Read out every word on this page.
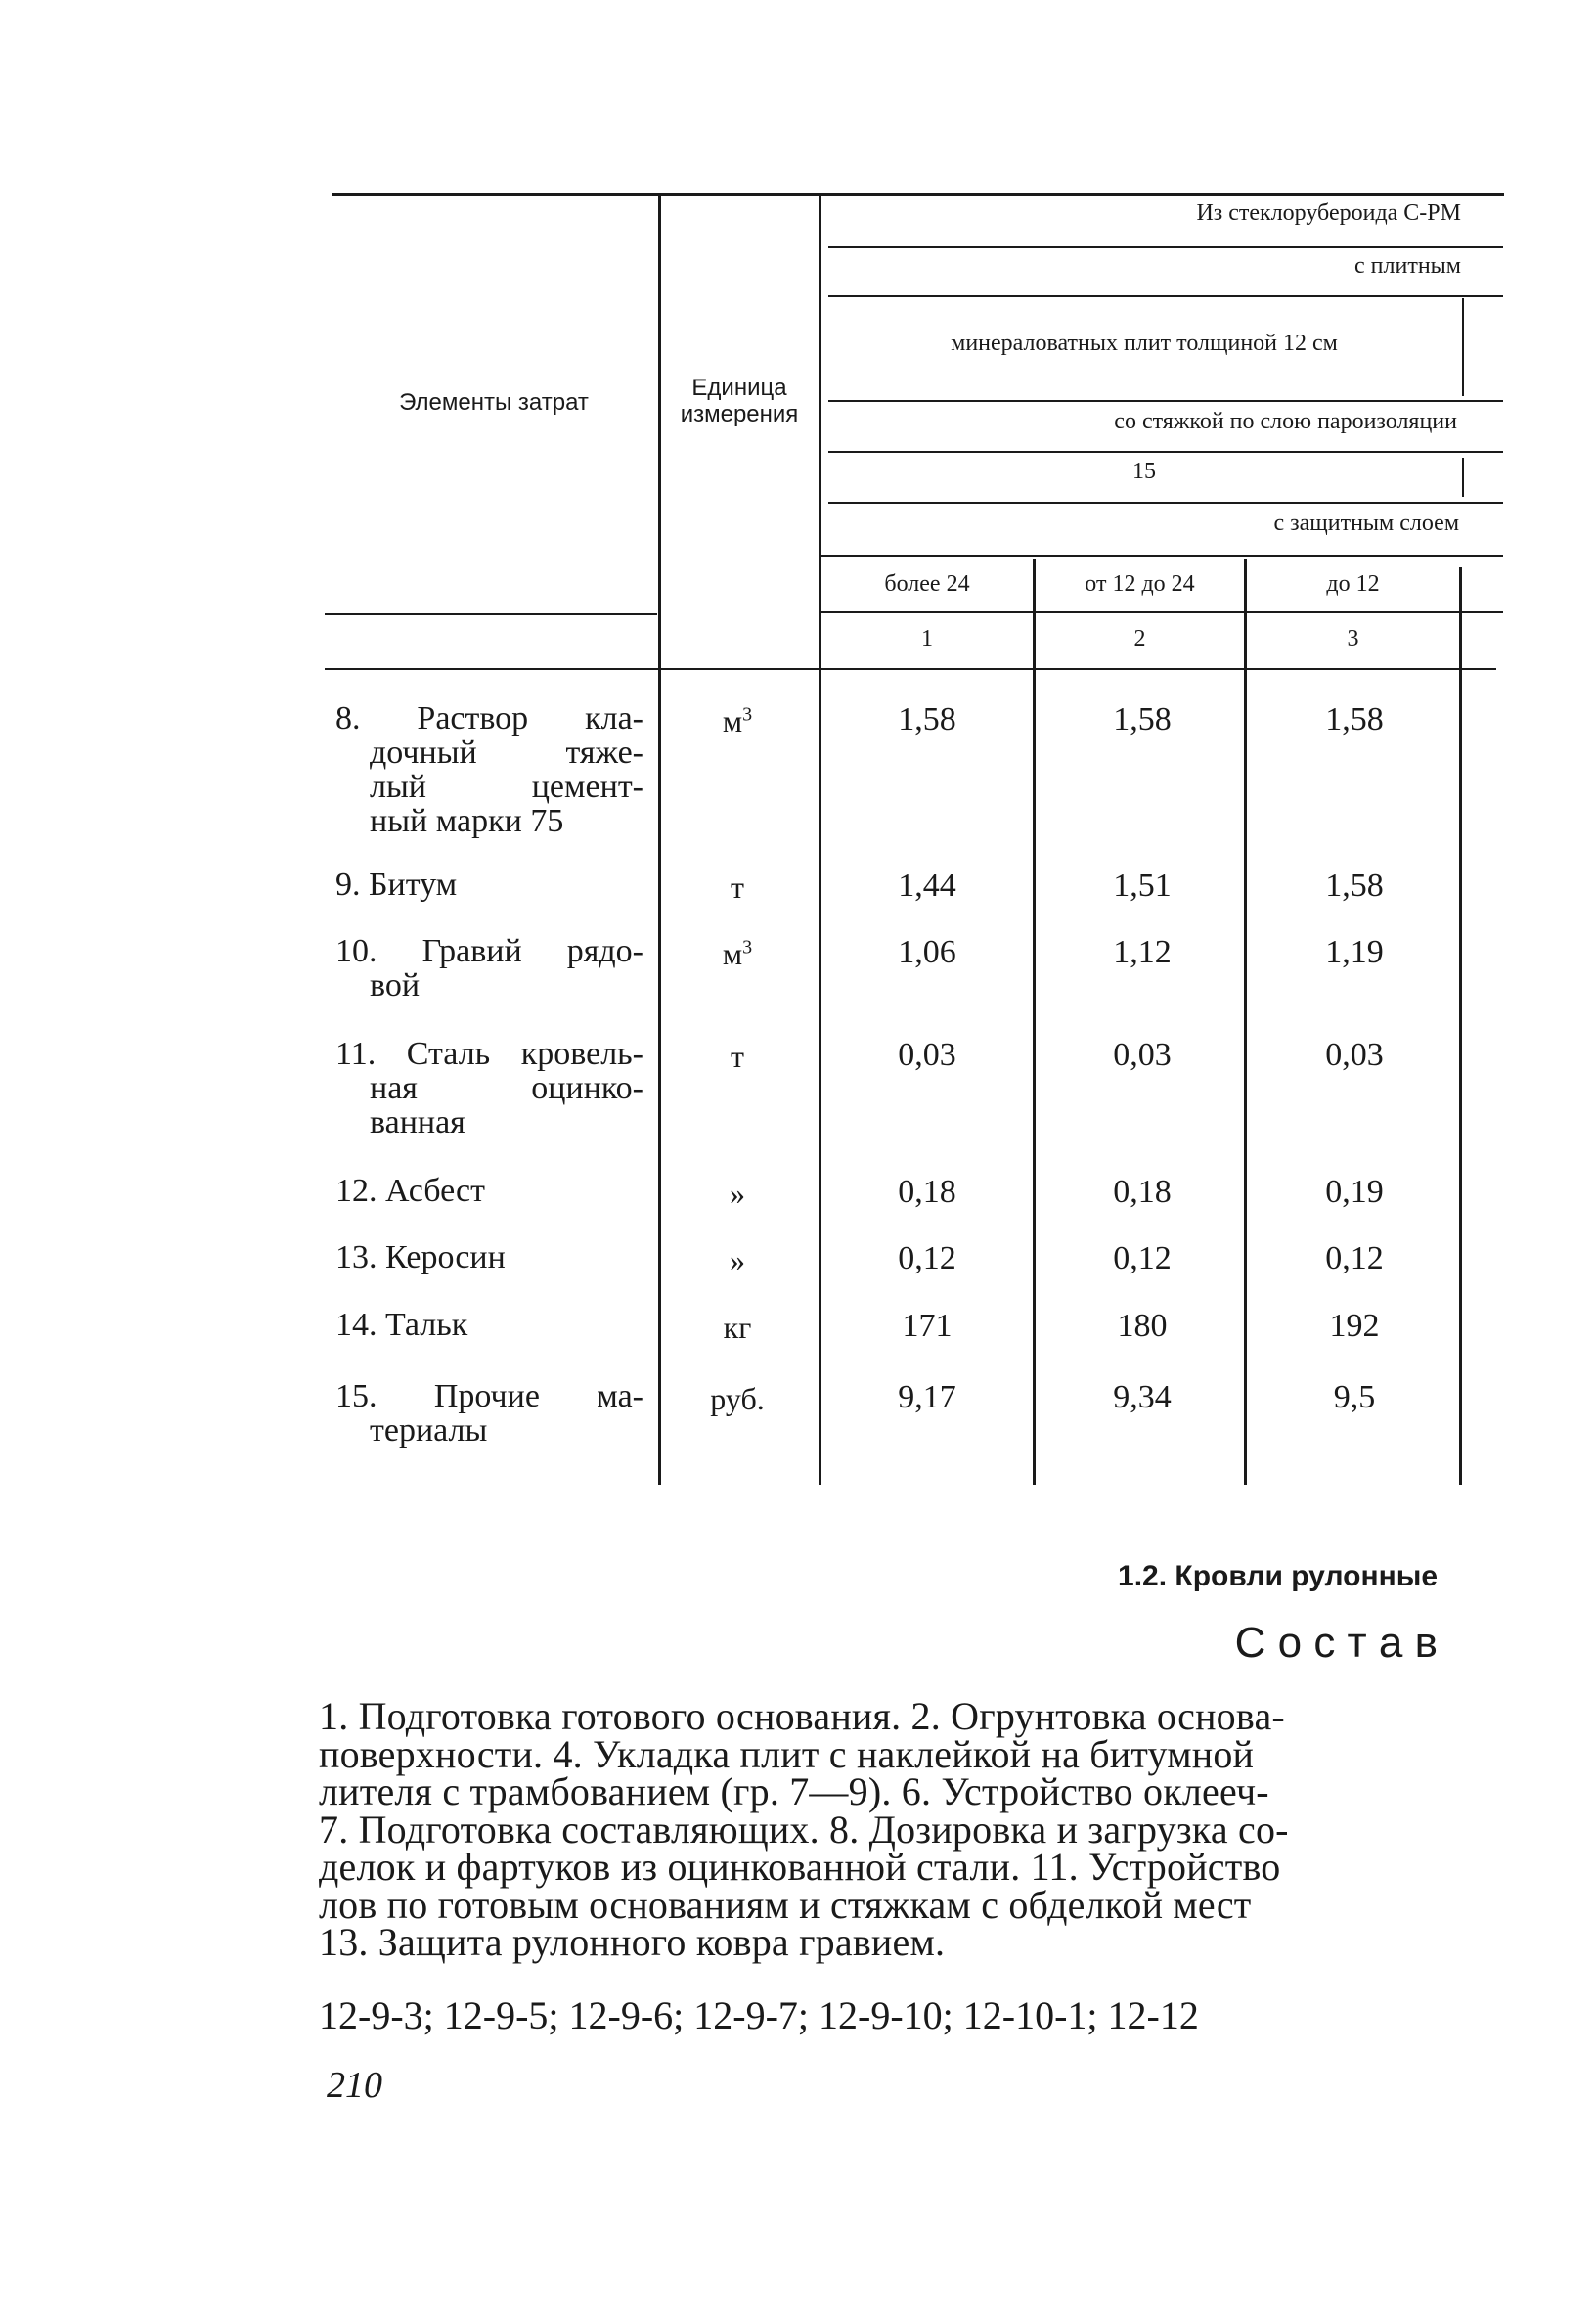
Элементы затрат
Единица
измерения
Из стеклорубероида С-РМ
с плитным
минераловатных плит толщиной 12 см
со стяжкой по слою пароизоляции
15
с защитным слоем
более 24	от 12 до 24	до 12
1	2	3
8. Раствор кла-
дочный тяже-
лый цемент-
ный марки 75
$м^3$	1,58	1,58	1,58
9. Битум	т	1,44	1,51	1,58
10. Гравий рядо-
вой
$м^3$	1,06	1,12	1,19
11. Сталь кровель-
ная оцинко-
ванная
т	0,03	0,03	0,03
12. Асбест	»	0,18	0,18	0,19
13. Керосин	»	0,12	0,12	0,12
14. Тальк	кг	171	180	192
15. Прочие ма-
териалы
руб.	9,17	9,34	9,5
1.2. Кровли рулонные
С о с т а в
1. Подготовка готового основания. 2. Огрунтовка основа-
поверхности. 4. Укладка плит с наклейкой на битумной
лителя с трамбованием (гр. 7—9). 6. Устройство оклееч-
7. Подготовка составляющих. 8. Дозировка и загрузка со-
делок и фартуков из оцинкованной стали. 11. Устройство
лов по готовым основаниям и стяжкам с обделкой мест
13. Защита рулонного ковра гравием.
12-9-3; 12-9-5; 12-9-6; 12-9-7; 12-9-10; 12-10-1; 12-12
210
